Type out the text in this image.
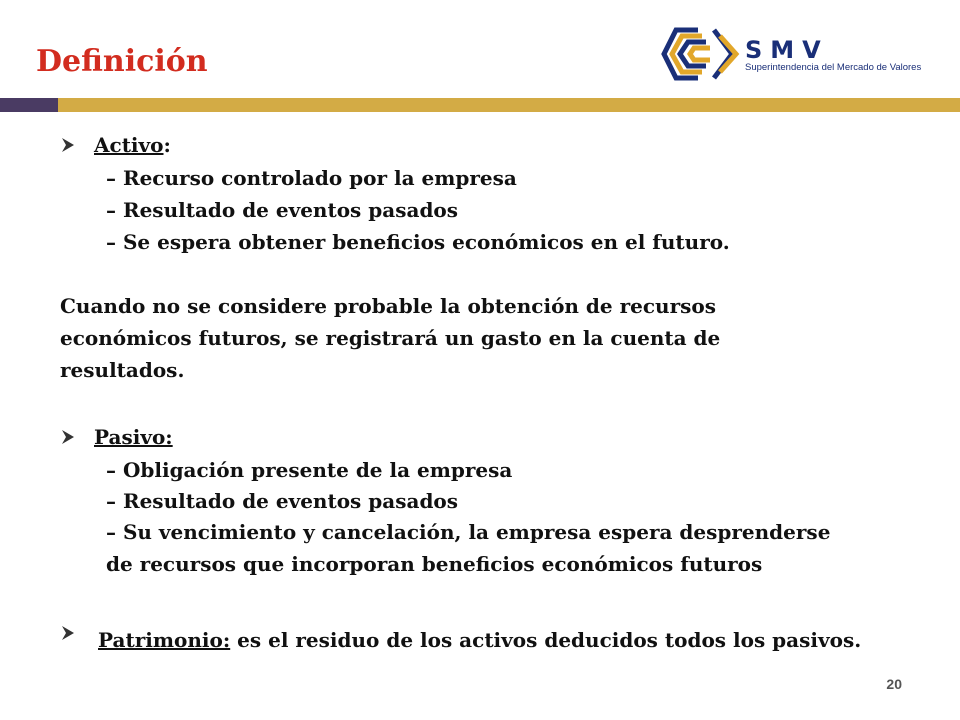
Definición	SMV
Superintendencia del Mercado de Valores
Activo :
– Recurso controlado por la empresa
– Resultado de eventos pasados
– Se espera obtener beneficios económicos en el futuro.
Cuando no se considere probable la obtención de recursos económicos futuros, se registrará un gasto en la cuenta de resultados.
Pasivo:
– Obligación presente de la empresa
– Resultado de eventos pasados
– Su vencimiento y cancelación, la empresa espera desprenderse
de recursos que incorporan beneficios económicos futuros
Patrimonio: es el residuo de los activos deducidos todos los pasivos.
20
